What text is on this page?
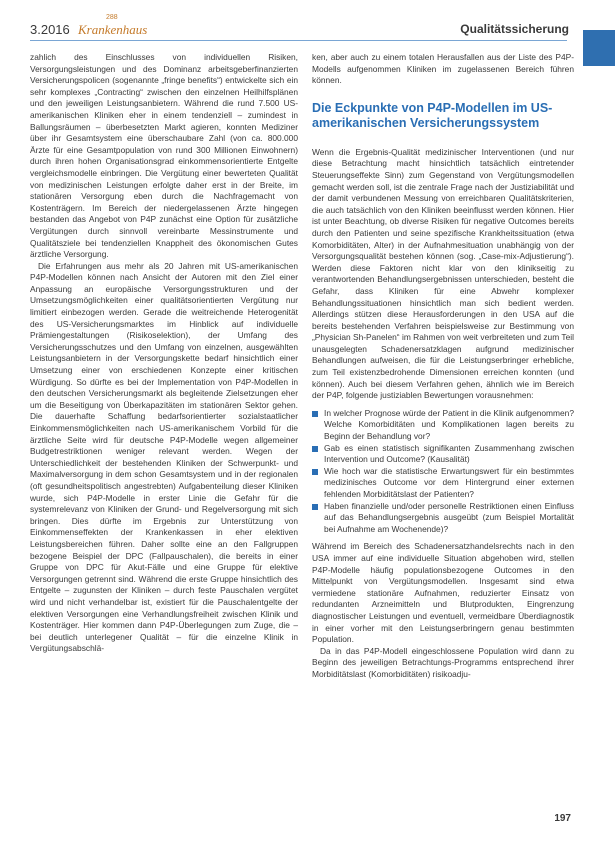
3.2016
288
Krankenhaus	Qualitätssicherung

zahlich des Einschlusses von individuellen Risiken, Versorgungsleistungen und des Dominanz arbeitsgeberfinanzierten Versicherungspolicen (sogenannte „fringe benefits“) entwickelte sich ein sehr komplexes „Contracting“ zwischen den einzelnen Heilhilfsplänen und den jeweiligen Leistungsanbietern. Während die rund 7.500 US-amerikanischen Kliniken eher in einem tendenziell – zumindest in Ballungsräumen – überbesetzten Markt agieren, konnten Mediziner über ihr Gesamtsystem eine überschaubare Zahl (von ca. 800.000 Ärzte für eine Gesamtpopulation von rund 300 Millionen Einwohnern) durch ihren hohen Organisationsgrad einkommensorientierte Entgelte vergleichsmodelle einbringen. Die Vergütung einer bewerteten Qualität von medizinischen Leistungen erfolgte daher erst in der Breite, im stationären Versorgung eben durch die Nachfragemacht von Kostenträgern. Im Bereich der niedergelassenen Ärzte hingegen bestanden das Angebot von P4P zunächst eine Option für zusätzliche Vergütungen durch sinnvoll vereinbarte Messinstrumente und Qualitätsziele bei tendenziellen Knappheit des ökonomischen Gutes ärztliche Versorgung.

Die Erfahrungen aus mehr als 20 Jahren mit US-amerikanischen P4P-Modellen können nach Ansicht der Autoren mit den Ziel einer Anpassung an europäische Versorgungsstrukturen und der Umsetzungsmöglichkeiten einer qualitätsorientierten Vergütung nur limitiert einbezogen werden. Gerade die weitreichende Heterogenität des US-Versicherungsmarktes im Hinblick auf individuelle Prämiengestaltungen (Risikoselektion), der Umfang des Versicherungsschutzes und den Umfang von einzelnen, ausgewählten Leistungsanbietern in der Versorgungskette bedarf hinsichtlich einer Umsetzung einer von erschiedenen Konzepte einer kritischen Würdigung. So dürfte es bei der Implementation von P4P-Modellen in den deutschen Versicherungsmarkt als begleitende Zielsetzungen eher um die Beseitigung von Überkapazitäten im stationären Sektor gehen. Die dauerhafte Schaffung bedarfsorientierter sozialstaatlicher Einkommensmöglichkeiten nach US-amerikanischem Vorbild für die ärztliche Seite wird für deutsche P4P-Modelle wegen allgemeiner Budgetrestriktionen weniger relevant werden. Wegen der Unterschiedlichkeit der bestehenden Kliniken der Schwerpunkt- und Maximalversorgung in dem schon Gesamtsystem und in der regionalen (oft gesundheitspolitisch angestrebten) Aufgabenteilung dieser Kliniken wurde, sich P4P-Modelle in erster Linie die Gefahr für die systemrelevanz von Kliniken der Grund- und Regelversorgung mit sich bringen. Dies dürfte im Ergebnis zur Unterstützung von Einkommenseffekten der Krankenkassen in eher elektiven Leistungsbereichen führen. Daher sollte eine an den Fallgruppen bezogene Beispiel der DPC (Fallpauschalen), die bereits in einer Gruppe von DPC für Akut-Fälle und eine Gruppe für elektive Versorgungen getrennt sind. Während die erste Gruppe hinsichtlich des Entgelte – zugunsten der Kliniken – durch feste Pauschalen vergütet wird und nicht verhandelbar ist, existiert für die Pauschalentgelte der elektiven Versorgungen eine Verhandlungsfreiheit zwischen Klinik und Kostenträger. Hier kommen dann P4P-Überlegungen zum Zuge, die – bei deutlich unterlegener Qualität – für die einzelne Klinik in Vergütungsabschlä-

ken, aber auch zu einem totalen Herausfallen aus der Liste des P4P-Modells aufgenommen Kliniken im zugelassenen Bereich führen können.

Die Eckpunkte von P4P-Modellen im US-amerikanischen Versicherungssystem

Wenn die Ergebnis-Qualität medizinischer Interventionen (und nur diese Betrachtung macht hinsichtlich tatsächlich eintretender Steuerungseffekte Sinn) zum Gegenstand von Vergütungsmodellen gemacht werden soll, ist die zentrale Frage nach der Justiziabilität und der damit verbundenen Messung von erreichbaren Qualitätskriterien, die auch tatsächlich von den Kliniken beeinflusst werden können. Hier ist unter Beachtung, ob diverse Risiken für negative Outcomes bereits durch den Patienten und seine spezifische Krankheitssituation (etwa Komorbiditäten, Alter) in der Aufnahmesituation unabhängig von der Versorgungsqualität bestehen können (sog. „Case-mix-Adjustierung“). Werden diese Faktoren nicht klar von den klinikseitig zu verantwortenden Behandlungsergebnissen unterschieden, besteht die Gefahr, dass Kliniken für eine Abwehr komplexer Behandlungssituationen hinsichtlich man sich bedient werden. Allerdings stützen diese Herausforderungen in den USA auf die bereits bestehenden Verfahren beispielsweise zur Bestimmung von „Physician Sh-Panelen“ im Rahmen von weit verbreiteten und zum Teil unausgelegten Schadenersatzklagen aufgrund medizinischer Behandlungen aufweisen, die für die Leistungserbringer erhebliche, zum Teil existenzbedrohende Dimensionen erreichen konnten (und können). Auch bei diesem Verfahren gehen, ähnlich wie im Bereich der P4P, folgende justiziablen Bewertungen vorausnehmen:

In welcher Prognose würde der Patient in die Klinik aufgenommen? Welche Komorbiditäten und Komplikationen lagen bereits zu Beginn der Behandlung vor?
Gab es einen statistisch signifikanten Zusammenhang zwischen Intervention und Outcome? (Kausalität)
Wie hoch war die statistische Erwartungswert für ein bestimmtes medizinisches Outcome vor dem Hintergrund einer externen fehlenden Morbiditätslast der Patienten?
Haben finanzielle und/oder personelle Restriktionen einen Einfluss auf das Behandlungsergebnis ausgeübt (zum Beispiel Mortalität bei Aufnahme am Wochenende)?

Während im Bereich des Schadenersatzhandelsrechts nach in den USA immer auf eine individuelle Situation abgehoben wird, stellen P4P-Modelle häufig populationsbezogene Outcomes in den Mittelpunkt von Vergütungsmodellen. Insgesamt sind etwa vermiedene stationäre Aufnahmen, reduzierter Einsatz von redundanten Arzneimitteln und Blutprodukten, Eingrenzung diagnostischer Leistungen und eventuell, vermeidbare Überdiagnostik in einer vorher mit den Leistungserbringern genau bestimmten Population.

Da in das P4P-Modell eingeschlossene Population wird dann zu Beginn des jeweiligen Betrachtungs-Programms entsprechend ihrer Morbiditätslast (Komorbiditäten) risikoadju-

197
